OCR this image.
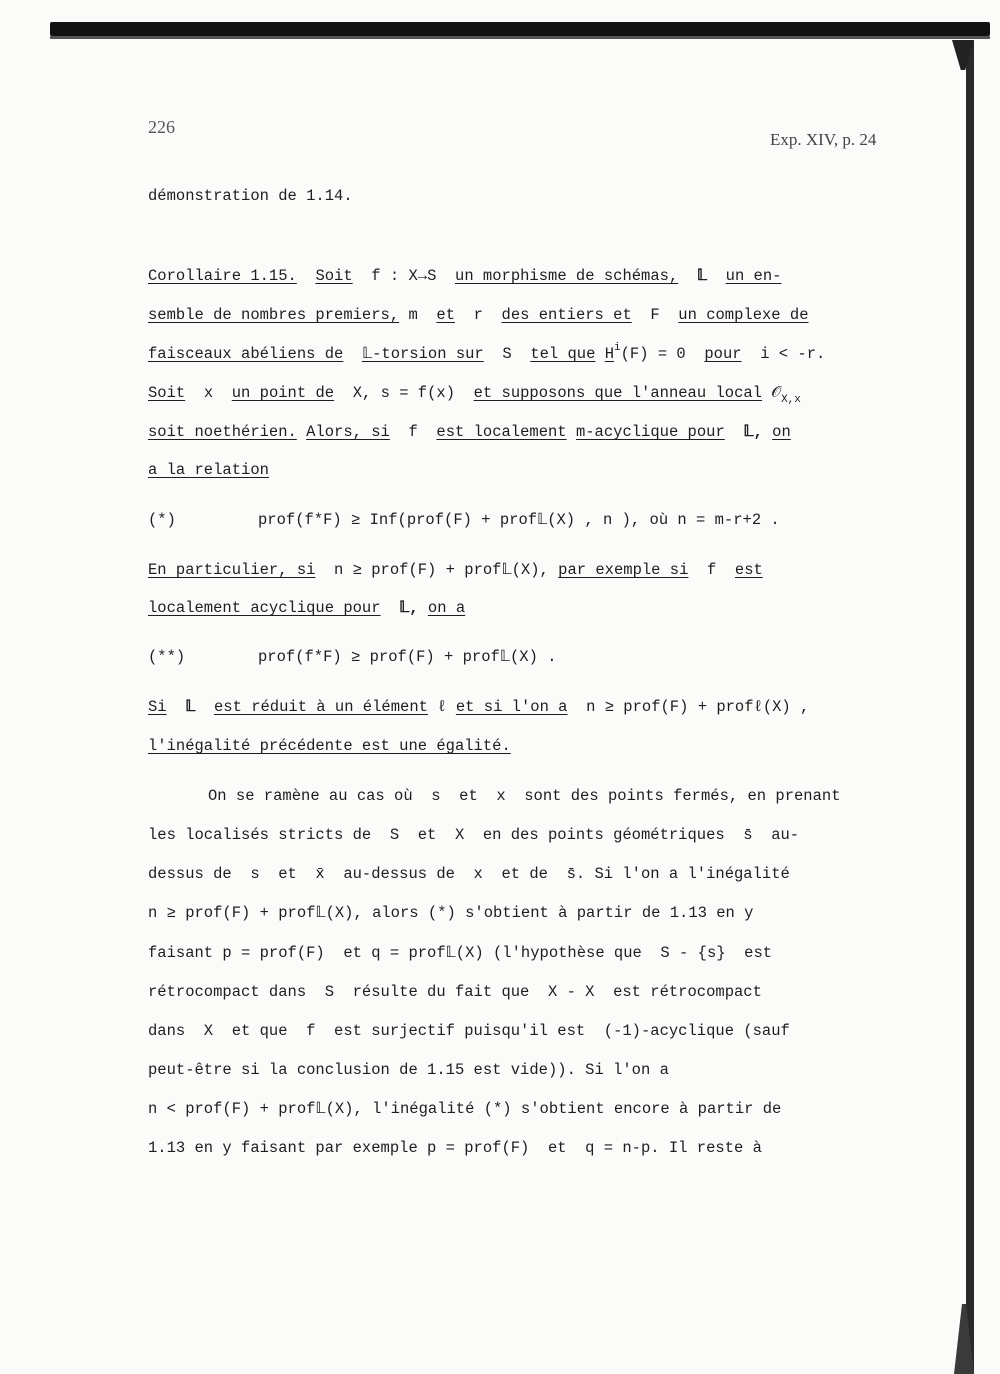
226
Exp. XIV, p. 24
démonstration de 1.14.
Corollaire 1.15. Soit f : X→S un morphisme de schémas, 𝕃 un en-
semble de nombres premiers, m et r des entiers et F un complexe de
faisceaux abéliens de 𝕃-torsion sur S tel que $H^i(F) = 0$ pour i < -r.
Soit x un point de X, s = f(x) et supposons que l'anneau local 𝒪$_{X,x}$
soit noethérien. Alors, si f est localement m-acyclique pour 𝕃, on
a la relation
(*)	prof(f*F) ≥ Inf(prof(F) + prof𝕃(X) , n ), où n = m-r+2 .
En particulier, si n ≥ prof(F) + prof𝕃(X), par exemple si f est
localement acyclique pour 𝕃, on a
(**)	prof(f*F) ≥ prof(F) + prof𝕃(X) .
Si 𝕃 est réduit à un élément ℓ et si l'on a n ≥ prof(F) + profℓ(X) ,
l'inégalité précédente est une égalité.
On se ramène au cas où  s  et  x  sont des points fermés, en prenant
les localisés stricts de  S  et  X  en des points géométriques  s̄  au-
dessus de  s  et  x̄  au-dessus de  x  et de  s̄. Si l'on a l'inégalité
n ≥ prof(F) + prof𝕃(X), alors (*) s'obtient à partir de 1.13 en y
faisant p = prof(F)  et q = prof𝕃(X) (l'hypothèse que  S - {s}  est
rétrocompact dans  S  résulte du fait que  X - X  est rétrocompact
dans  X  et que  f  est surjectif puisqu'il est  (-1)-acyclique (sauf
peut-être si la conclusion de 1.15 est vide)). Si l'on a
n < prof(F) + prof𝕃(X), l'inégalité (*) s'obtient encore à partir de
1.13 en y faisant par exemple p = prof(F)  et  q = n-p. Il reste à
